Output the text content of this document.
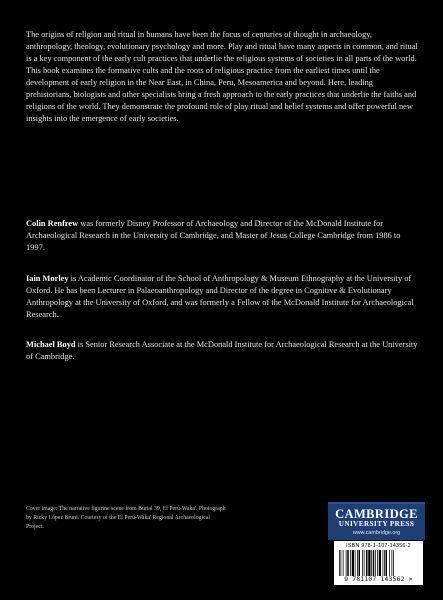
The origins of religion and ritual in humans have been the focus of centuries of thought in archaeology, anthropology, theology, evolutionary psychology and more. Play and ritual have many aspects in common, and ritual is a key component of the early cult practices that underlie the religious systems of societies in all parts of the world. This book examines the formative cults and the roots of religious practice from the earliest times until the development of early religion in the Near East, in China, Peru, Mesoamerica and beyond. Here, leading prehistorians, biologists and other specialists bring a fresh approach to the early practices that underlie the faiths and religions of the world. They demonstrate the profound role of play ritual and belief systems and offer powerful new insights into the emergence of early societies.

Colin Renfrew was formerly Disney Professor of Archaeology and Director of the McDonald Institute for Archaeological Research in the University of Cambridge, and Master of Jesus College Cambridge from 1986 to 1997.

Iain Morley is Academic Coordinator of the School of Anthropology & Museum Ethnography at the University of Oxford. He has been Lecturer in Palaeoanthropology and Director of the degree in Cognitive & Evolutionary Anthropology at the University of Oxford, and was formerly a Fellow of the McDonald Institute for Archaeological Research.

Michael Boyd is Senior Research Associate at the McDonald Institute for Archaeological Research at the University of Cambridge.

Cover image: The narrative figurine scene from Burial 39, El Perú-Waka'. Photograph by Ricky López Bruni. Courtesy of the El Perú-Waka' Regional Archaeological Project.
CAMBRIDGE
UNIVERSITY PRESS
www.cambridge.org
ISBN 978-1-107-14356-2
9 781107 143562 >
